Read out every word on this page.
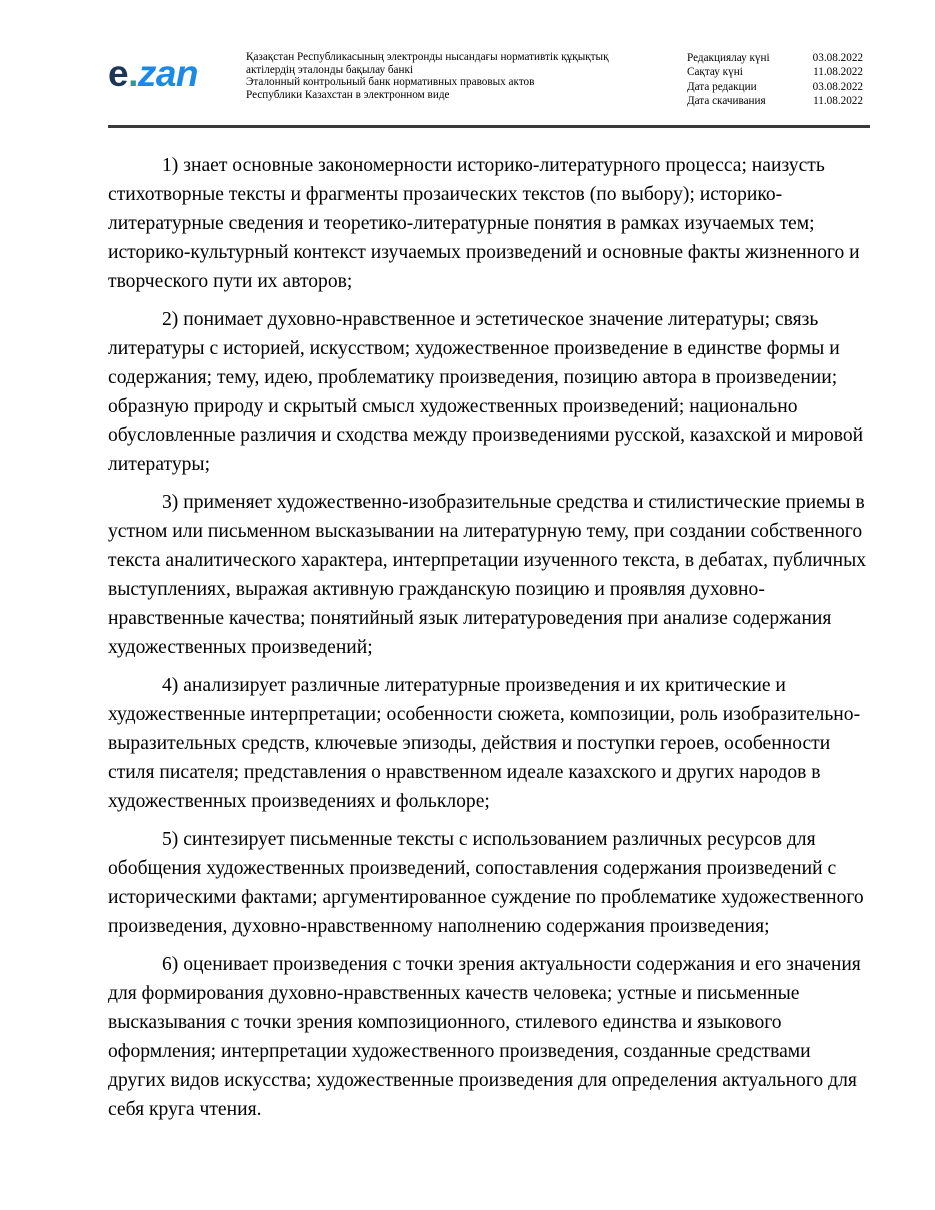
e.zan	Қазақстан Республикасының электронды нысандағы нормативтік құқықтық
актілердің эталонды бақылау банкі
Эталонный контрольный банк нормативных правовых актов
Республики Казахстан в электронном виде
Редакциялау күні	03.08.2022
Сақтау күні	11.08.2022
Дата редакции	03.08.2022
Дата скачивания	11.08.2022

1) знает основные закономерности историко-литературного процесса; наизусть стихотворные тексты и фрагменты прозаических текстов (по выбору); историко-литературные сведения и теоретико-литературные понятия в рамках изучаемых тем; историко-культурный контекст изучаемых произведений и основные факты жизненного и творческого пути их авторов;

2) понимает духовно-нравственное и эстетическое значение литературы; связь литературы с историей, искусством; художественное произведение в единстве формы и содержания; тему, идею, проблематику произведения, позицию автора в произведении; образную природу и скрытый смысл художественных произведений; национально обусловленные различия и сходства между произведениями русской, казахской и мировой литературы;

3) применяет художественно-изобразительные средства и стилистические приемы в устном или письменном высказывании на литературную тему, при создании собственного текста аналитического характера, интерпретации изученного текста, в дебатах, публичных выступлениях, выражая активную гражданскую позицию и проявляя духовно-нравственные качества; понятийный язык литературоведения при анализе содержания художественных произведений;

4) анализирует различные литературные произведения и их критические и художественные интерпретации; особенности сюжета, композиции, роль изобразительно-выразительных средств, ключевые эпизоды, действия и поступки героев, особенности стиля писателя; представления о нравственном идеале казахского и других народов в художественных произведениях и фольклоре;

5) синтезирует письменные тексты с использованием различных ресурсов для обобщения художественных произведений, сопоставления содержания произведений с историческими фактами; аргументированное суждение по проблематике художественного произведения, духовно-нравственному наполнению содержания произведения;

6) оценивает произведения с точки зрения актуальности содержания и его значения для формирования духовно-нравственных качеств человека; устные и письменные высказывания с точки зрения композиционного, стилевого единства и языкового оформления; интерпретации художественного произведения, созданные средствами других видов искусства; художественные произведения для определения актуального для себя круга чтения.
